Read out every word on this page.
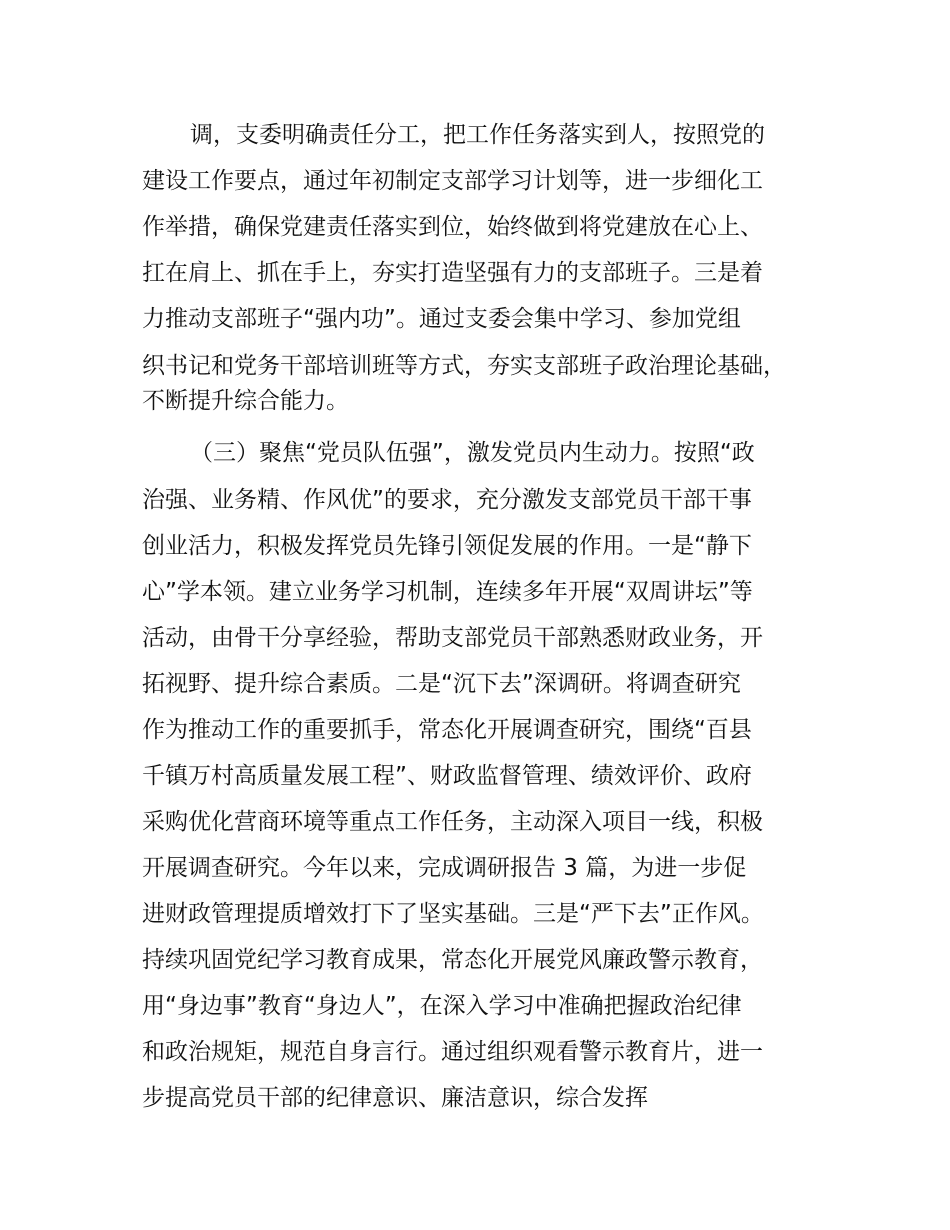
调，支委明确责任分工，把工作任务落实到人，按照党的
建设工作要点，通过年初制定支部学习计划等，进一步细化工
作举措，确保党建责任落实到位，始终做到将党建放在心上、
扛在肩上、抓在手上，夯实打造坚强有力的支部班子。三是着
力推动支部班子“强内功”。通过支委会集中学习、参加党组
织书记和党务干部培训班等方式，夯实支部班子政治理论基础，
不断提升综合能力。
（三）聚焦“党员队伍强”，激发党员内生动力。按照“政
治强、业务精、作风优”的要求，充分激发支部党员干部干事
创业活力，积极发挥党员先锋引领促发展的作用。一是“静下
心”学本领。建立业务学习机制，连续多年开展“双周讲坛”等
活动，由骨干分享经验，帮助支部党员干部熟悉财政业务，开
拓视野、提升综合素质。二是“沉下去”深调研。将调查研究
作为推动工作的重要抓手，常态化开展调查研究，围绕“百县
千镇万村高质量发展工程”、财政监督管理、绩效评价、政府
采购优化营商环境等重点工作任务，主动深入项目一线，积极
开展调查研究。今年以来，完成调研报告 3 篇，为进一步促
进财政管理提质增效打下了坚实基础。三是“严下去”正作风。
持续巩固党纪学习教育成果，常态化开展党风廉政警示教育，
用“身边事”教育“身边人”，在深入学习中准确把握政治纪律
和政治规矩，规范自身言行。通过组织观看警示教育片，进一
步提高党员干部的纪律意识、廉洁意识，综合发挥
